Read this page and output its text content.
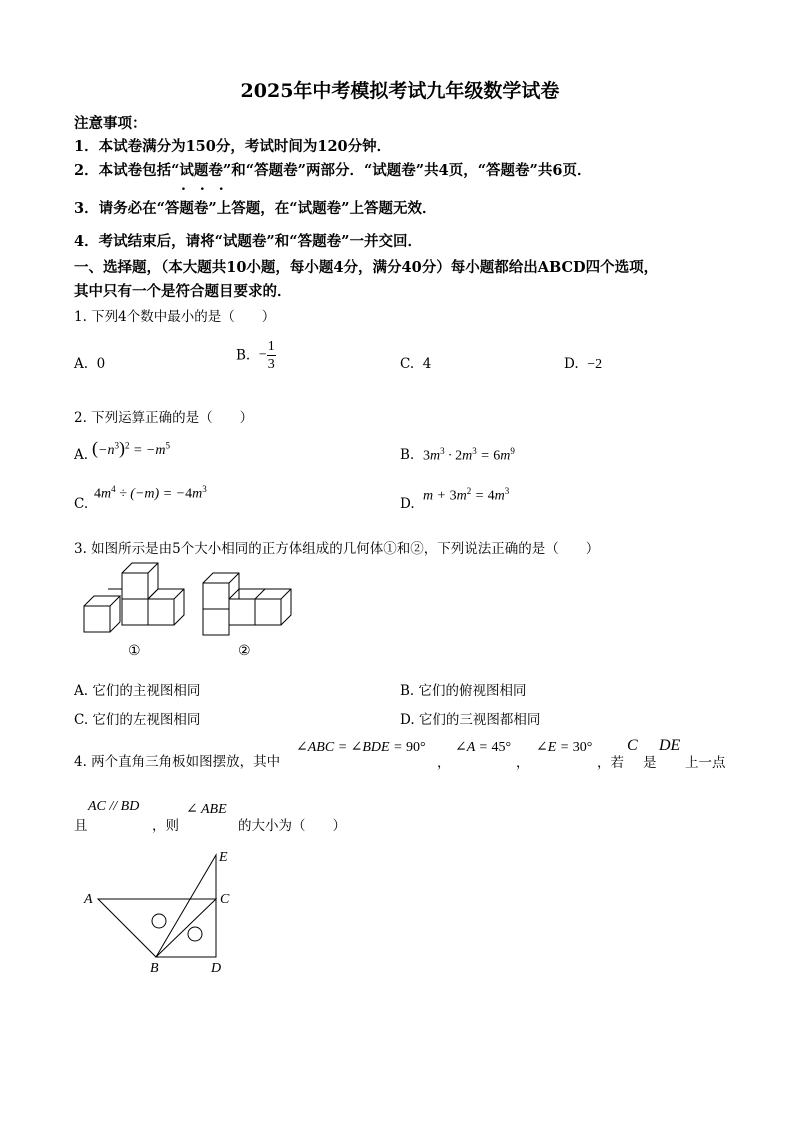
2025年中考模拟考试九年级数学试卷
注意事项：
1．本试卷满分为150分，考试时间为120分钟．
2．本试卷包括“试题卷”和“答题卷”两部分．“试题卷”共4页，“答题卷”共6页．
...
3．请务必在“答题卷”上答题，在“试题卷”上答题无效．
4．考试结束后，请将“试题卷”和“答题卷”一并交回．
一、选择题，（本大题共10小题，每小题4分，满分40分）每小题都给出ABCD四个选项，
其中只有一个是符合题目要求的．
1. 下列4个数中最小的是（　　）
A. 0
B. − $\frac{1}{3}$	C. 4	D. −2
2. 下列运算正确的是（　　）
A. $(-n^3)^2 = -m^5$
B. $3m^3 \cdot 2m^3 = 6m^9$
C.
$4m^4 \div (-m) = -4m^3$
D. $m + 3m^2 = 4m^3$
3. 如图所示是由5个大小相同的正方体组成的几何体①和②，下列说法正确的是（　　）
①	②
A. 它们的主视图相同	B. 它们的俯视图相同
C. 它们的左视图相同	D. 它们的三视图都相同
4. 两个直角三角板如图摆放，其中
∠ABC = ∠BDE = 90°
，
∠A = 45°
，
∠E = 30°
，若
C
是
DE
上一点
且
AC // BD
，则
∠ ABE
的大小为（　　）
A	C
B	D
E
